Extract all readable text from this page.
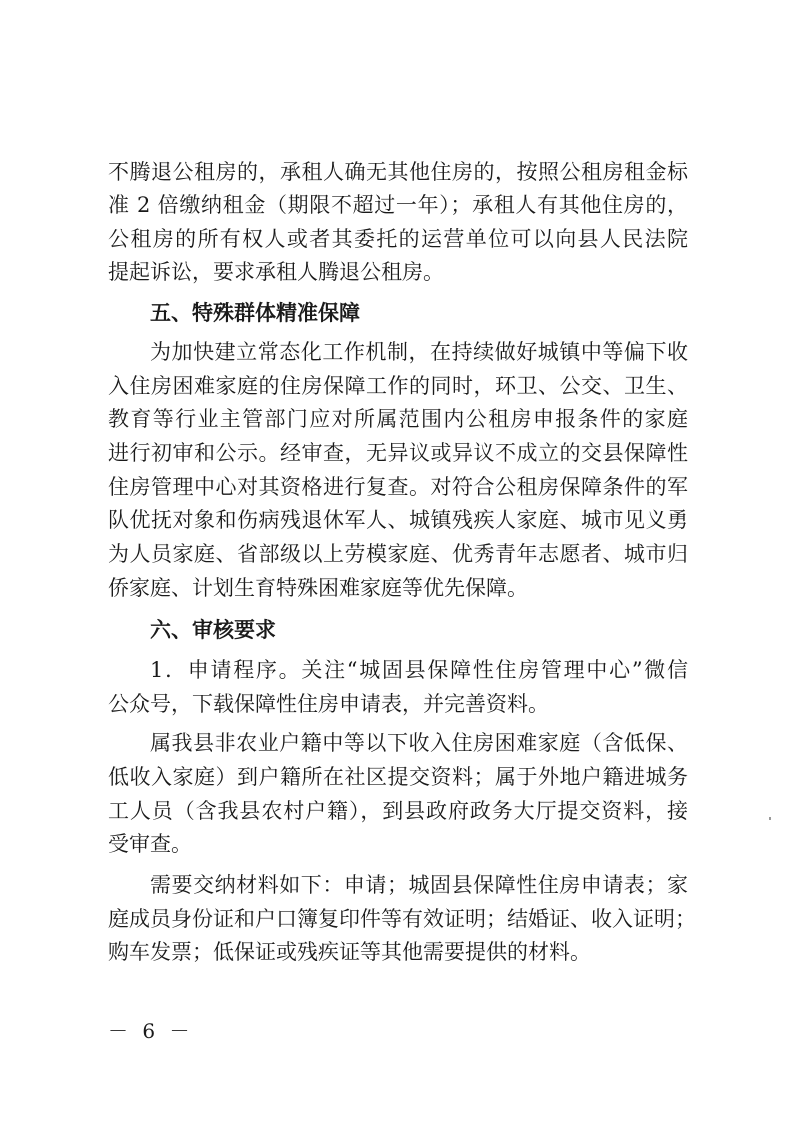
不腾退公租房的，承租人确无其他住房的，按照公租房租金标
准 2 倍缴纳租金（期限不超过一年）；承租人有其他住房的，
公租房的所有权人或者其委托的运营单位可以向县人民法院
提起诉讼，要求承租人腾退公租房。
五、特殊群体精准保障
为加快建立常态化工作机制，在持续做好城镇中等偏下收
入住房困难家庭的住房保障工作的同时，环卫、公交、卫生、
教育等行业主管部门应对所属范围内公租房申报条件的家庭
进行初审和公示。经审查，无异议或异议不成立的交县保障性
住房管理中心对其资格进行复查。对符合公租房保障条件的军
队优抚对象和伤病残退休军人、城镇残疾人家庭、城市见义勇
为人员家庭、省部级以上劳模家庭、优秀青年志愿者、城市归
侨家庭、计划生育特殊困难家庭等优先保障。
六、审核要求
1．申请程序。关注“城固县保障性住房管理中心”微信
公众号，下载保障性住房申请表，并完善资料。
属我县非农业户籍中等以下收入住房困难家庭（含低保、
低收入家庭）到户籍所在社区提交资料；属于外地户籍进城务
工人员（含我县农村户籍），到县政府政务大厅提交资料，接
受审查。
需要交纳材料如下：申请；城固县保障性住房申请表；家
庭成员身份证和户口簿复印件等有效证明；结婚证、收入证明；
购车发票；低保证或残疾证等其他需要提供的材料。
－ 6 －
